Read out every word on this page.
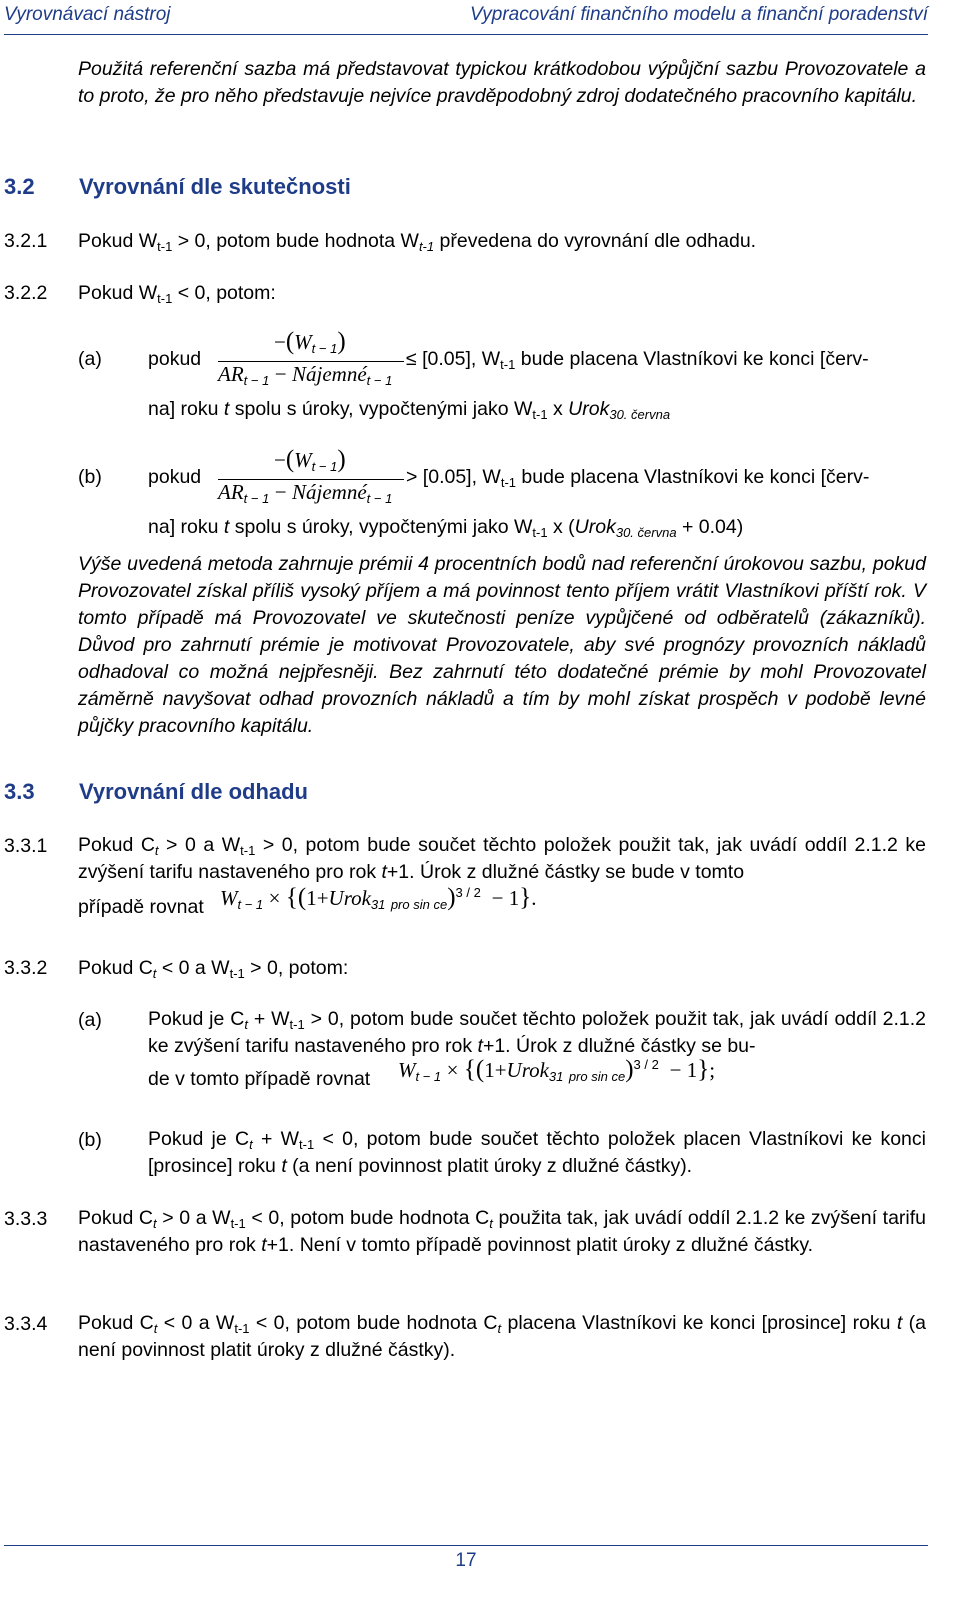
Vyrovnávací nástroj	Vypracování finančního modelu a finanční poradenství
Použitá referenční sazba má představovat typickou krátkodobou výpůjční sazbu Provozovatele a to proto, že pro něho představuje nejvíce pravděpodobný zdroj dodatečného pracovního kapitálu.
3.2 Vyrovnání dle skutečnosti
3.2.1 Pokud $W_{t-1} > 0$, potom bude hodnota $W_{t-1}$ převedena do vyrovnání dle odhadu.
3.2.2 Pokud $W_{t-1} < 0$, potom:
(a) pokud
$-(W_{t - 1})$
$AR_{t - 1}$ − Nájemné$_{t - 1}$
≤ [0.05], $W_{t-1}$ bude placena Vlastníkovi ke konci [červ-
na] roku t spolu s úroky, vypočtenými jako $W_{t-1}$ x Urok$_{30. června}$
(b) pokud
$-(W_{t - 1})$
$AR_{t - 1}$ − Nájemné$_{t - 1}$
> [0.05], $W_{t-1}$ bude placena Vlastníkovi ke konci [červ-
na] roku t spolu s úroky, vypočtenými jako $W_{t-1}$ x (Urok$_{30. června}$ + 0.04)
Výše uvedená metoda zahrnuje prémii 4 procentních bodů nad referenční úrokovou sazbu, pokud Provozovatel získal příliš vysoký příjem a má povinnost tento příjem vrátit Vlastníkovi příští rok. V tomto případě má Provozovatel ve skutečnosti peníze vypůjčené od odběratelů (zákazníků). Důvod pro zahrnutí prémie je motivovat Provozovatele, aby své prognózy provozních nákladů odhadoval co možná nejpřesněji. Bez zahrnutí této dodatečné prémie by mohl Provozovatel záměrně navyšovat odhad provozních nákladů a tím by mohl získat prospěch v podobě levné půjčky pracovního kapitálu.
3.3 Vyrovnání dle odhadu
3.3.1 Pokud $C_t > 0$ a $W_{t-1} > 0$, potom bude součet těchto položek použit tak, jak uvádí oddíl 2.1.2 ke zvýšení tarifu nastaveného pro rok t+1. Úrok z dlužné částky se bude v tomto
případě rovnat $W_{t - 1}$ × {(1+Urok$_{31}$ $_{pro sin ce}$)$^{3 / 2}$ − 1}.
3.3.2 Pokud $C_t < 0$ a $W_{t-1} > 0$, potom:
(a) Pokud je $C_t + W_{t-1} > 0$, potom bude součet těchto položek použit tak, jak uvádí oddíl 2.1.2 ke zvýšení tarifu nastaveného pro rok t+1. Úrok z dlužné částky se bu-
de v tomto případě rovnat $W_{t - 1}$ × {(1+Urok$_{31}$ $_{pro sin ce}$)$^{3 / 2}$ − 1};
(b) Pokud je $C_t + W_{t-1} < 0$, potom bude součet těchto položek placen Vlastníkovi ke konci [prosince] roku t (a není povinnost platit úroky z dlužné částky).
3.3.3 Pokud $C_t > 0$ a $W_{t-1} < 0$, potom bude hodnota $C_t$ použita tak, jak uvádí oddíl 2.1.2 ke zvýšení tarifu nastaveného pro rok t+1. Není v tomto případě povinnost platit úroky z dlužné částky.
3.3.4 Pokud $C_t < 0$ a $W_{t-1} < 0$, potom bude hodnota $C_t$ placena Vlastníkovi ke konci [prosince] roku t (a není povinnost platit úroky z dlužné částky).
17
